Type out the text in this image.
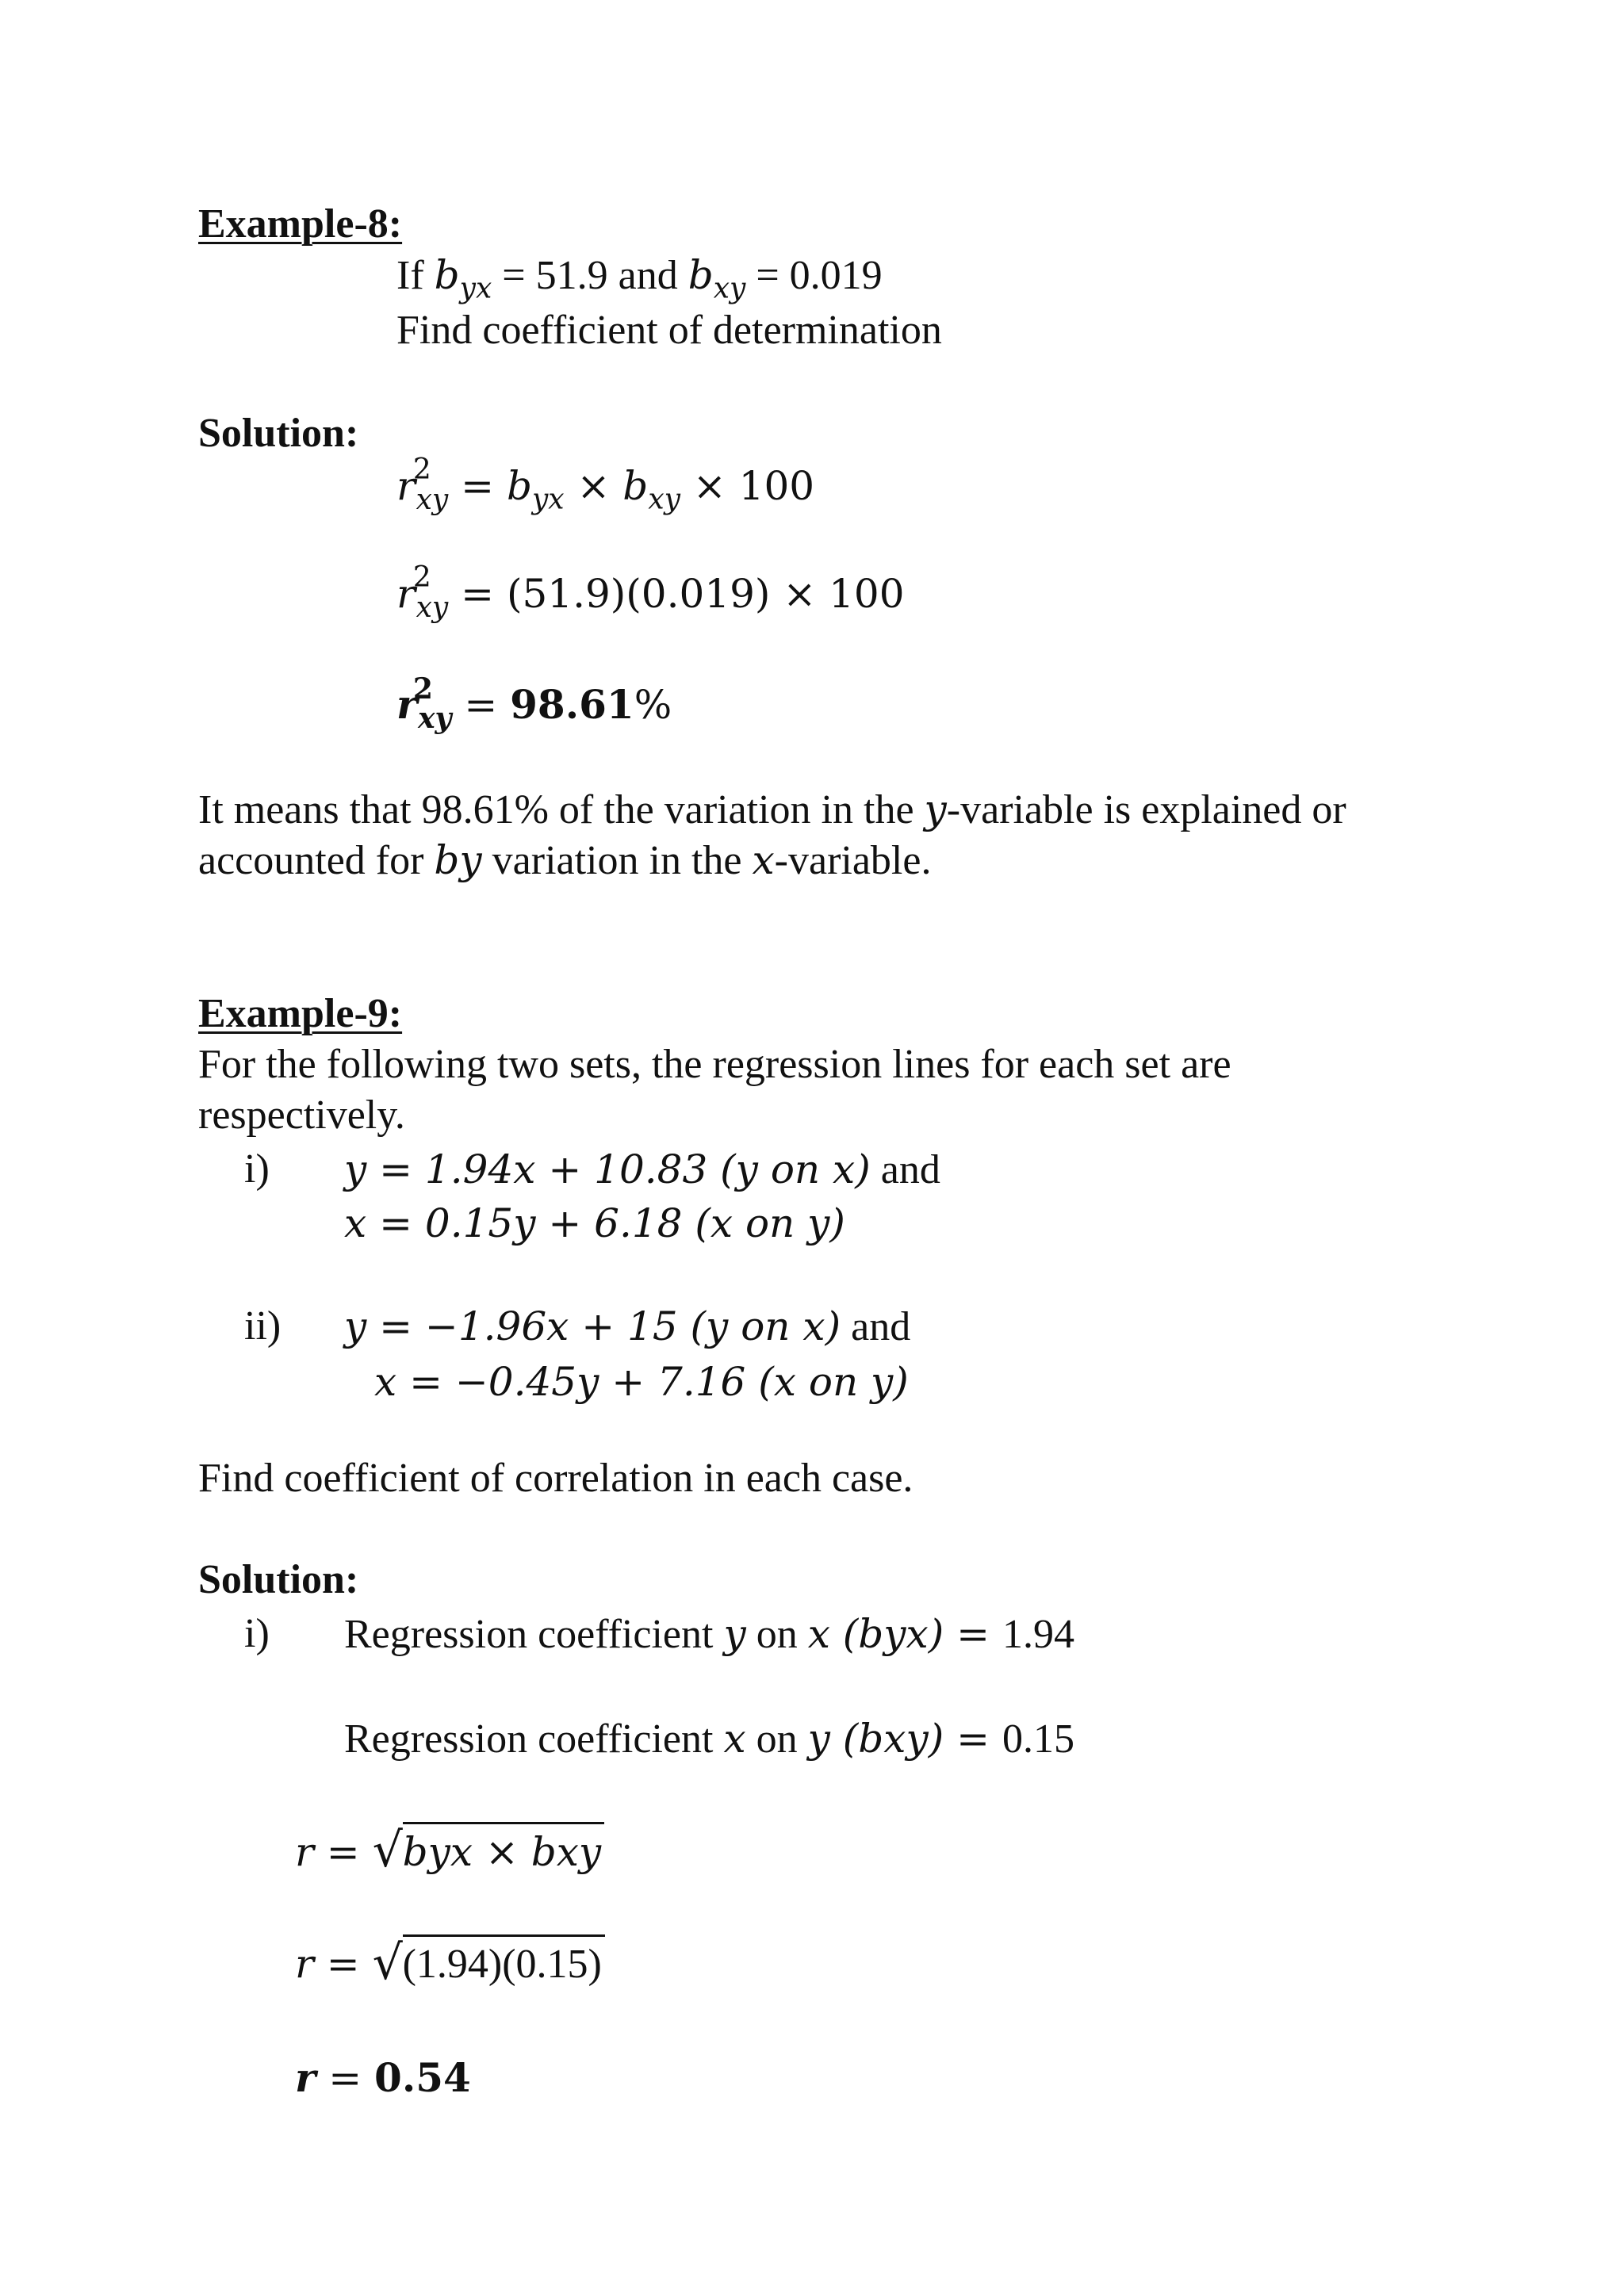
Example-8:
If $b_{yx} = 51.9$ and $b_{xy} = 0.019$
Find coefficient of determination
Solution:
r
2
xy = $b_{yx} \times b_{xy} \times 100$
r
2
xy = (51.9)(0.019) × 100
r
2
xy = 98.61%
It means that 98.61% of the variation in the y-variable is explained or
accounted for by variation in the x-variable.
Example-9:
For the following two sets, the regression lines for each set are
respectively.
i) y = 1.94x + 10.83 (y on x) and
x = 0.15y + 6.18 (x on y)
ii) y = −1.96x + 15 (y on x) and
x = −0.45y + 7.16 (x on y)
Find coefficient of correlation in each case.
Solution:
i) Regression coefficient y on x (byx) = 1.94
Regression coefficient x on y (bxy) = 0.15
r = √ byx × bxy
r = √ (1.94)(0.15)
r = 0.54
